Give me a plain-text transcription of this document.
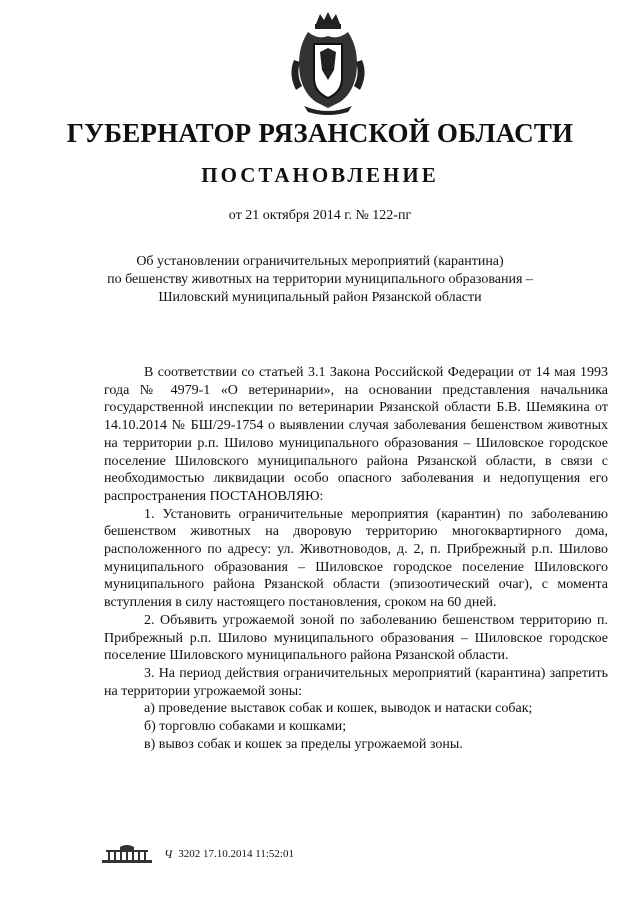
ГУБЕРНАТОР РЯЗАНСКОЙ ОБЛАСТИ
ПОСТАНОВЛЕНИЕ
от 21 октября 2014 г. № 122-пг
Об установлении ограничительных мероприятий (карантина)
по бешенству животных на территории муниципального образования –
Шиловский муниципальный район Рязанской области

В соответствии со статьей 3.1 Закона Российской Федерации от 14 мая 1993 года № 4979-1 «О ветеринарии», на основании представления начальника государственной инспекции по ветеринарии Рязанской области Б.В. Шемякина от 14.10.2014 № БШ/29-1754 о выявлении случая заболевания бешенством животных на территории р.п. Шилово муниципального образования – Шиловское городское поселение Шиловского муниципального района Рязанской области, в связи с необходимостью ликвидации особо опасного заболевания и недопущения его распространения ПОСТАНОВЛЯЮ:

1. Установить ограничительные мероприятия (карантин) по заболеванию бешенством животных на дворовую территорию многоквартирного дома, расположенного по адресу: ул. Животноводов, д. 2, п. Прибрежный р.п. Шилово муниципального образования – Шиловское городское поселение Шиловского муниципального района Рязанской области (эпизоотический очаг), с момента вступления в силу настоящего постановления, сроком на 60 дней.

2. Объявить угрожаемой зоной по заболеванию бешенством территорию п. Прибрежный р.п. Шилово муниципального образования – Шиловское городское поселение Шиловского муниципального района Рязанской области.

3. На период действия ограничительных мероприятий (карантина) запретить на территории угрожаемой зоны:

а) проведение выставок собак и кошек, выводок и натаски собак;

б) торговлю собаками и кошками;

в) вывоз собак и кошек за пределы угрожаемой зоны.

Ч 3202 17.10.2014 11:52:01
